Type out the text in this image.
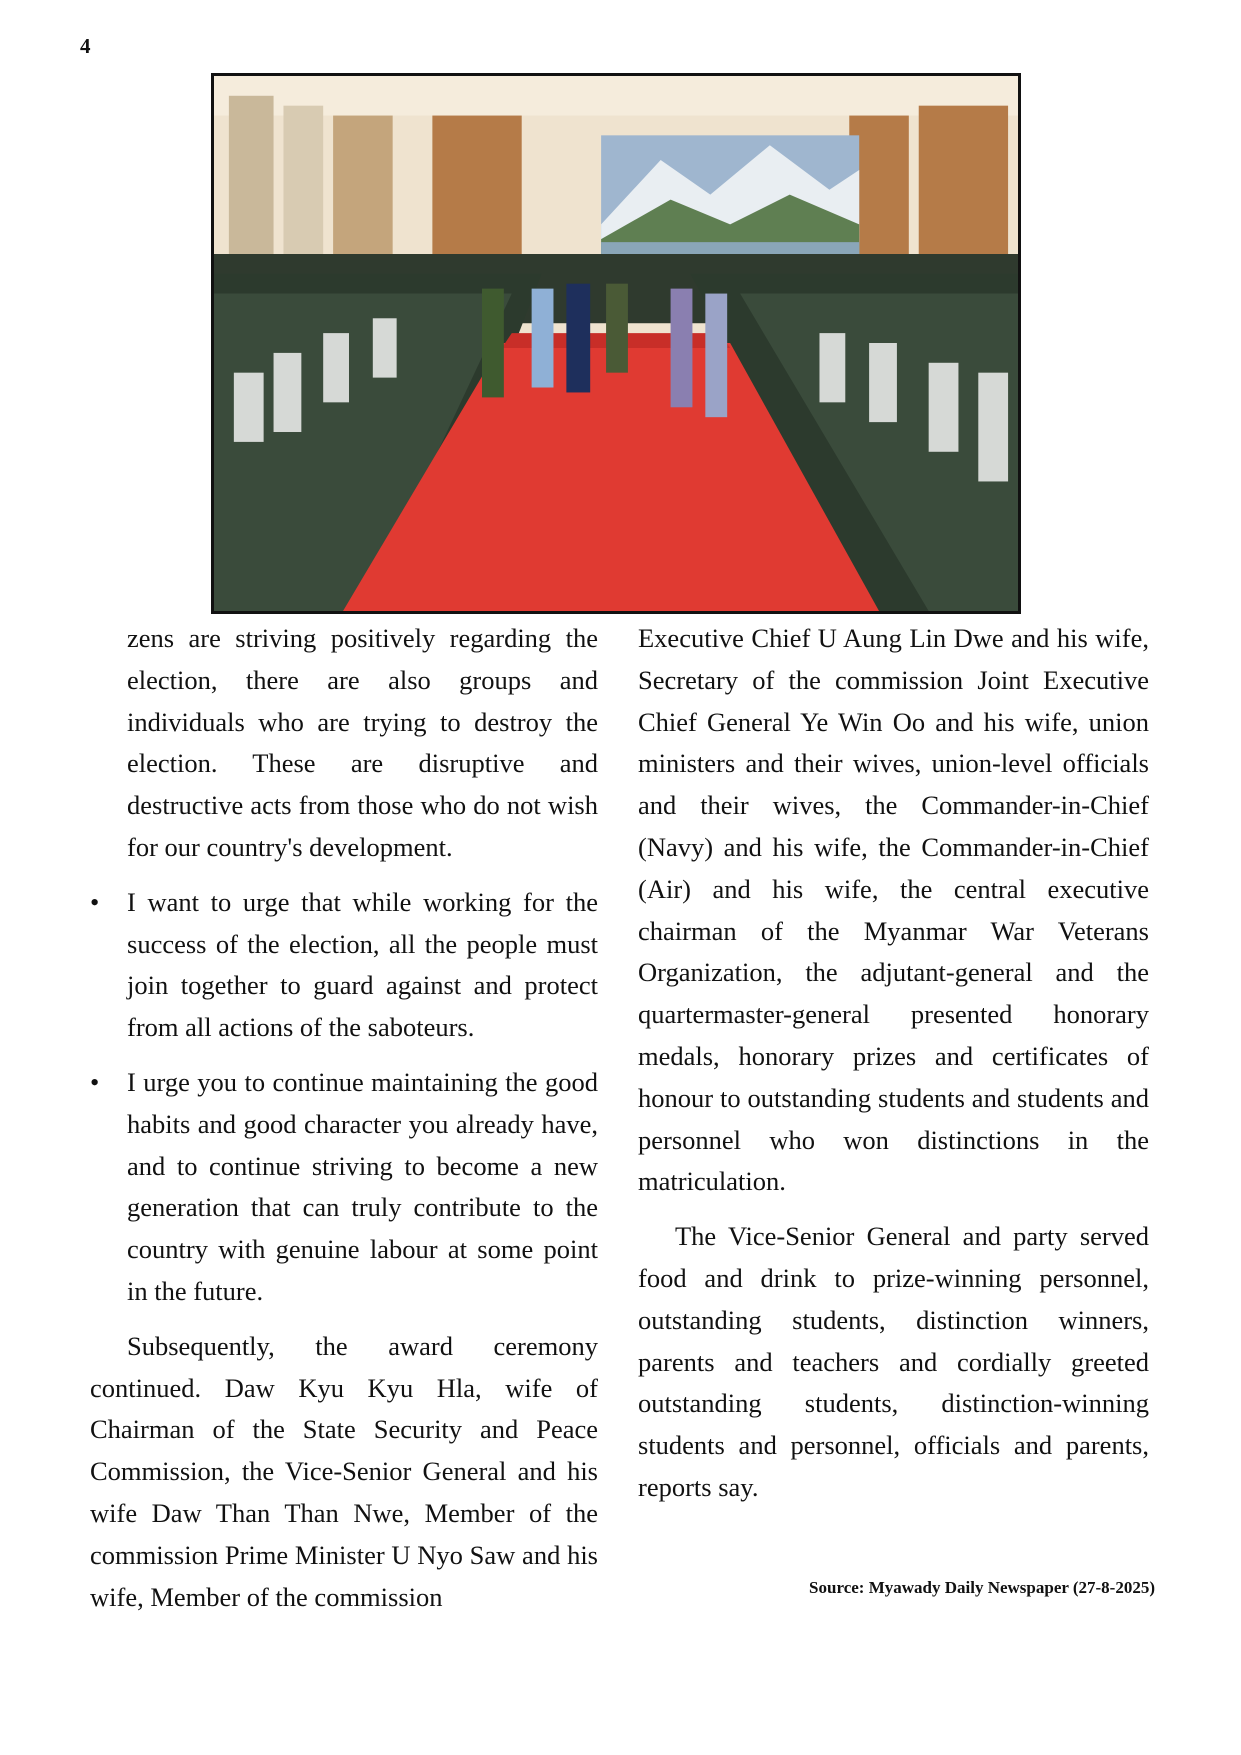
4

zens are striving positively regarding the election, there are also groups and individuals who are trying to destroy the election. These are disruptive and destructive acts from those who do not wish for our country's development.

• I want to urge that while working for the success of the election, all the people must join together to guard against and protect from all actions of the saboteurs.

• I urge you to continue maintaining the good habits and good character you already have, and to continue striving to become a new generation that can truly contribute to the country with genuine labour at some point in the future.

Subsequently, the award ceremony continued. Daw Kyu Kyu Hla, wife of Chairman of the State Security and Peace Commission, the Vice-Senior General and his wife Daw Than Than Nwe, Member of the commission Prime Minister U Nyo Saw and his wife, Member of the commission

Executive Chief U Aung Lin Dwe and his wife, Secretary of the commission Joint Executive Chief General Ye Win Oo and his wife, union ministers and their wives, union-level officials and their wives, the Commander-in-Chief (Navy) and his wife, the Commander-in-Chief (Air) and his wife, the central executive chairman of the Myanmar War Veterans Organization, the adjutant-general and the quartermaster-general presented honorary medals, honorary prizes and certificates of honour to outstanding students and students and personnel who won distinctions in the matriculation.

The Vice-Senior General and party served food and drink to prize-winning personnel, outstanding students, distinction winners, parents and teachers and cordially greeted outstanding students, distinction-winning students and personnel, officials and parents, reports say.

Source: Myawady Daily Newspaper (27-8-2025)
